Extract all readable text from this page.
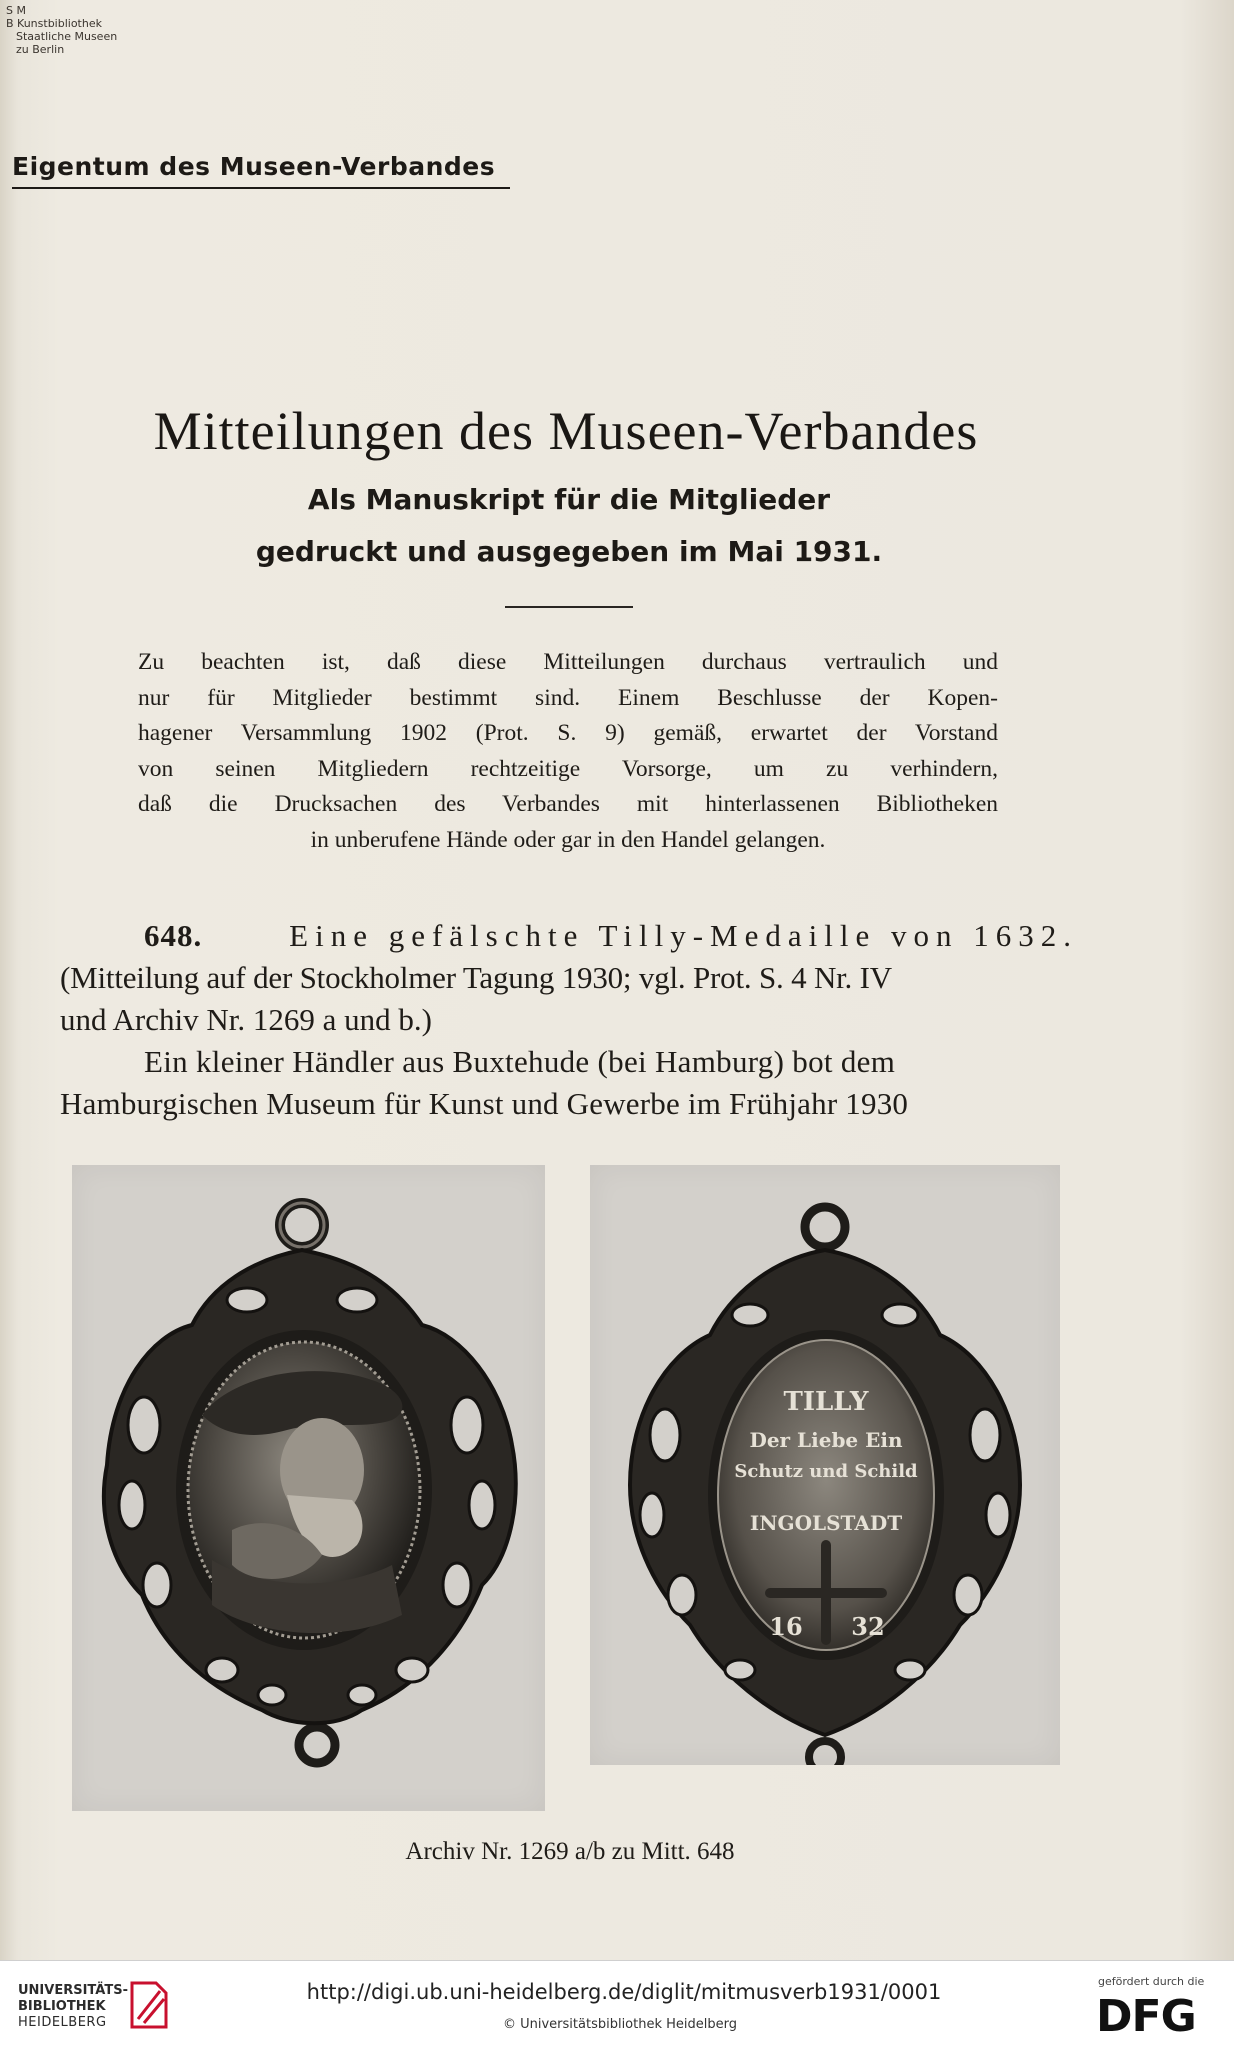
S M
B Kunstbibliothek
Staatliche Museen
zu Berlin
Eigentum des Museen-Verbandes
Mitteilungen des Museen-Verbandes
Als Manuskript für die Mitglieder
gedruckt und ausgegeben im Mai 1931.
Zu beachten ist, daß diese Mitteilungen durchaus vertraulich und
nur für Mitglieder bestimmt sind. Einem Beschlusse der Kopen-
hagener Versammlung 1902 (Prot. S. 9) gemäß, erwartet der Vorstand
von seinen Mitgliedern rechtzeitige Vorsorge, um zu verhindern,
daß die Drucksachen des Verbandes mit hinterlassenen Bibliotheken
in unberufene Hände oder gar in den Handel gelangen.
648.	Eine gefälschte Tilly-Medaille von 1632.
(Mitteilung auf der Stockholmer Tagung 1930; vgl. Prot. S. 4 Nr. IV
und Archiv Nr. 1269 a und b.)
Ein kleiner Händler aus Buxtehude (bei Hamburg) bot dem
Hamburgischen Museum für Kunst und Gewerbe im Frühjahr 1930
TILLY
Der Liebe Ein
Schutz und Schild
INGOLSTADT
16 32
Archiv Nr. 1269 a/b zu Mitt. 648
UNIVERSITÄTS-
BIBLIOTHEK
HEIDELBERG
http://digi.ub.uni-heidelberg.de/diglit/mitmusverb1931/0001
© Universitätsbibliothek Heidelberg
gefördert durch die
DFG
